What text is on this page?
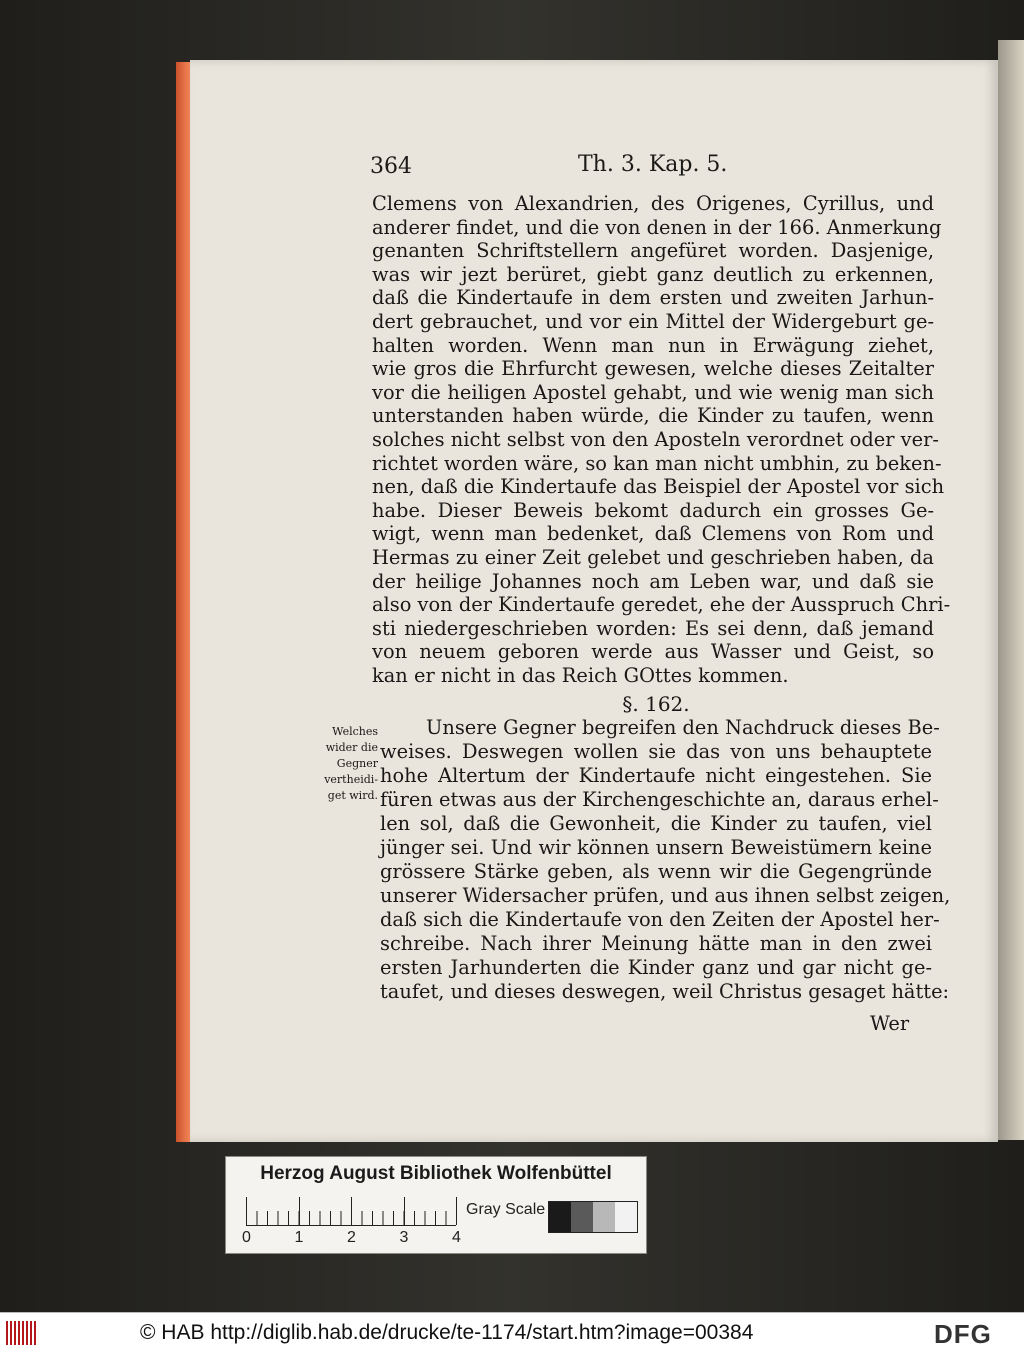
364	Th. 3. Kap. 5.
Clemens von Alexandrien, des Origenes, Cyrillus, und
anderer findet, und die von denen in der 166. Anmerkung
genanten Schriftstellern angefüret worden. Dasjenige,
was wir jezt berüret, giebt ganz deutlich zu erkennen,
daß die Kindertaufe in dem ersten und zweiten Jarhun-
dert gebrauchet, und vor ein Mittel der Widergeburt ge-
halten worden. Wenn man nun in Erwägung ziehet,
wie gros die Ehrfurcht gewesen, welche dieses Zeitalter
vor die heiligen Apostel gehabt, und wie wenig man sich
unterstanden haben würde, die Kinder zu taufen, wenn
solches nicht selbst von den Aposteln verordnet oder ver-
richtet worden wäre, so kan man nicht umbhin, zu beken-
nen, daß die Kindertaufe das Beispiel der Apostel vor sich
habe. Dieser Beweis bekomt dadurch ein grosses Ge-
wigt, wenn man bedenket, daß Clemens von Rom und
Hermas zu einer Zeit gelebet und geschrieben haben, da
der heilige Johannes noch am Leben war, und daß sie
also von der Kindertaufe geredet, ehe der Ausspruch Chri-
sti niedergeschrieben worden: Es sei denn, daß jemand
von neuem geboren werde aus Wasser und Geist, so
kan er nicht in das Reich GOttes kommen.
§. 162.
Welches
wider die
Gegner
vertheidi-
get wird.
Unsere Gegner begreifen den Nachdruck dieses Be-
weises. Deswegen wollen sie das von uns behauptete
hohe Altertum der Kindertaufe nicht eingestehen. Sie
füren etwas aus der Kirchengeschichte an, daraus erhel-
len sol, daß die Gewonheit, die Kinder zu taufen, viel
jünger sei. Und wir können unsern Beweistümern keine
grössere Stärke geben, als wenn wir die Gegengründe
unserer Widersacher prüfen, und aus ihnen selbst zeigen,
daß sich die Kindertaufe von den Zeiten der Apostel her-
schreibe. Nach ihrer Meinung hätte man in den zwei
ersten Jarhunderten die Kinder ganz und gar nicht ge-
taufet, und dieses deswegen, weil Christus gesaget hätte:
Wer
Herzog August Bibliothek Wolfenbüttel
0	1	2	3	4
Gray Scale
© HAB http://diglib.hab.de/drucke/te-1174/start.htm?image=00384	DFG
